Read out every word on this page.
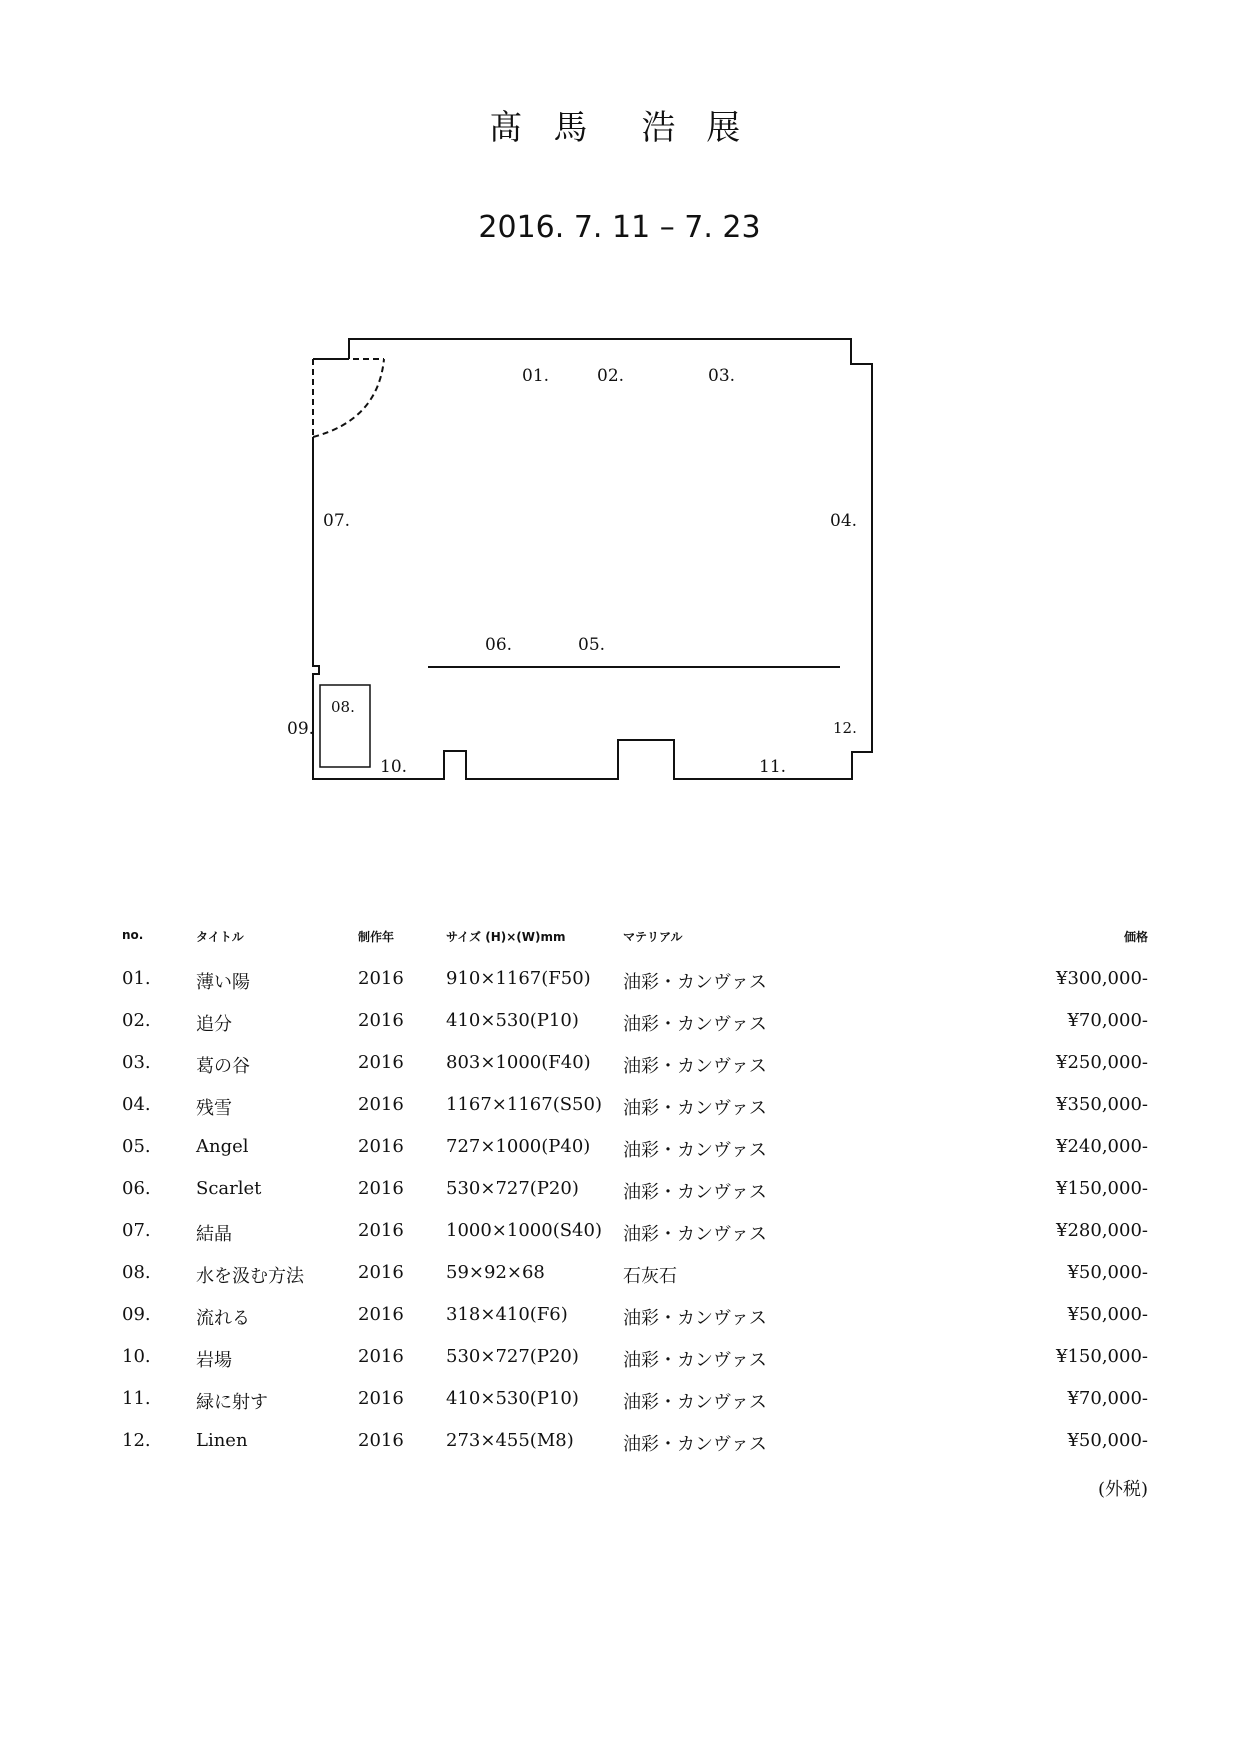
髙 馬　浩 展
2016. 7. 11 – 7. 23
01.	02.	03.
04.
05.
06.
07.
08.
09.
10.	11.
12.
no.	タイトル	制作年	サイズ (H)×(W)mm	マテリアル	価格
01.	薄い陽	2016 910×1167(F50) 油彩・カンヴァス	¥300,000-
02.	追分	2016 410×530(P10) 油彩・カンヴァス	¥70,000-
03.	葛の谷	2016 803×1000(F40) 油彩・カンヴァス	¥250,000-
04.	残雪	2016 1167×1167(S50) 油彩・カンヴァス	¥350,000-
05.	Angel	2016 727×1000(P40) 油彩・カンヴァス	¥240,000-
06.	Scarlet	2016 530×727(P20) 油彩・カンヴァス	¥150,000-
07.	結晶	2016 1000×1000(S40) 油彩・カンヴァス	¥280,000-
08.	水を汲む方法	2016 59×92×68	石灰石	¥50,000-
09.	流れる	2016 318×410(F6)	油彩・カンヴァス	¥50,000-
10.	岩場	2016 530×727(P20) 油彩・カンヴァス	¥150,000-
11.	緑に射す	2016 410×530(P10) 油彩・カンヴァス	¥70,000-
12.	Linen	2016 273×455(M8)	油彩・カンヴァス	¥50,000-
(外税)
